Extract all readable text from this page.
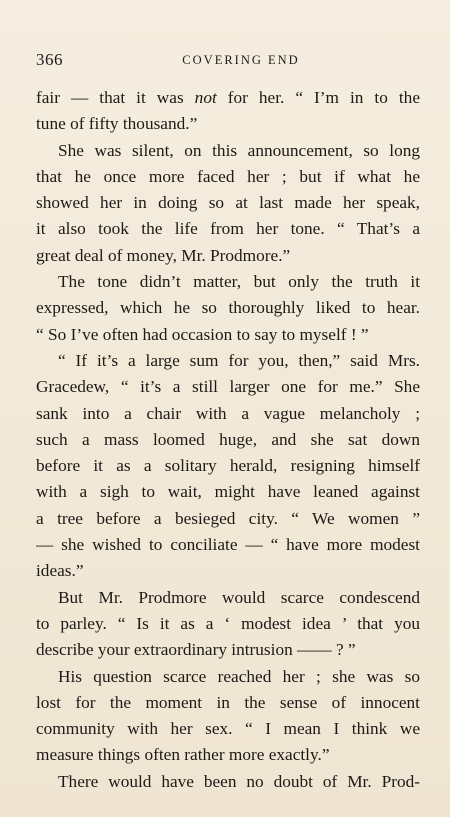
366	COVERING END
fair — that it was not for her. “ I’m in to the
tune of fifty thousand.”
She was silent, on this announcement, so long
that he once more faced her ; but if what he
showed her in doing so at last made her speak,
it also took the life from her tone. “ That’s a
great deal of money, Mr. Prodmore.”
The tone didn’t matter, but only the truth it
expressed, which he so thoroughly liked to hear.
“ So I’ve often had occasion to say to myself ! ”
“ If it’s a large sum for you, then,” said Mrs.
Gracedew, “ it’s a still larger one for me.” She
sank into a chair with a vague melancholy ;
such a mass loomed huge, and she sat down
before it as a solitary herald, resigning himself
with a sigh to wait, might have leaned against
a tree before a besieged city. “ We women ”
— she wished to conciliate — “ have more modest
ideas.”
But Mr. Prodmore would scarce condescend
to parley. “ Is it as a ‘ modest idea ’ that you
describe your extraordinary intrusion —— ? ”
His question scarce reached her ; she was so
lost for the moment in the sense of innocent
community with her sex. “ I mean I think we
measure things often rather more exactly.”
There would have been no doubt of Mr. Prod-
